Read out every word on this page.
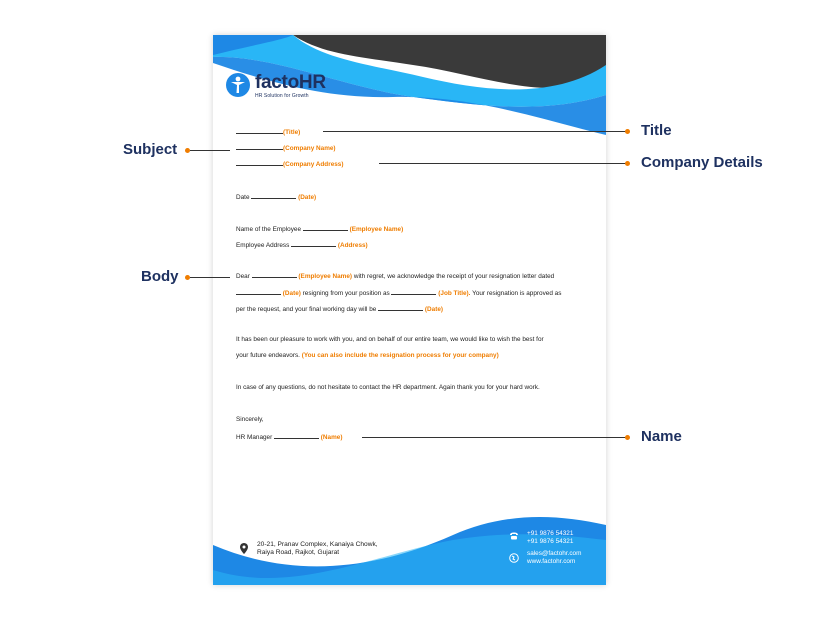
factoHR
HR Solution for Growth
(Title)
(Company Name)
(Company Address)
Date	(Date)
Name of the Employee	(Employee Name)
Employee Address	(Address)
Dear	(Employee Name) with regret, we acknowledge the receipt of your resignation letter dated
(Date) resigning from your position as	(Job Title). Your resignation is approved as
per the request, and your final working day will be	(Date)
It has been our pleasure to work with you, and on behalf of our entire team, we would like to wish the best for
your future endeavors. (You can also include the resignation process for your company)
In case of any questions, do not hesitate to contact the HR department. Again thank you for your hard work.
Sincerely,
HR Manager	(Name)
20-21, Pranav Complex, Kanaiya Chowk,
Raiya Road, Rajkot, Gujarat
+91 9876 54321
+91 9876 54321
sales@factohr.com
www.factohr.com
Subject
Body
Title
Company Details
Name
